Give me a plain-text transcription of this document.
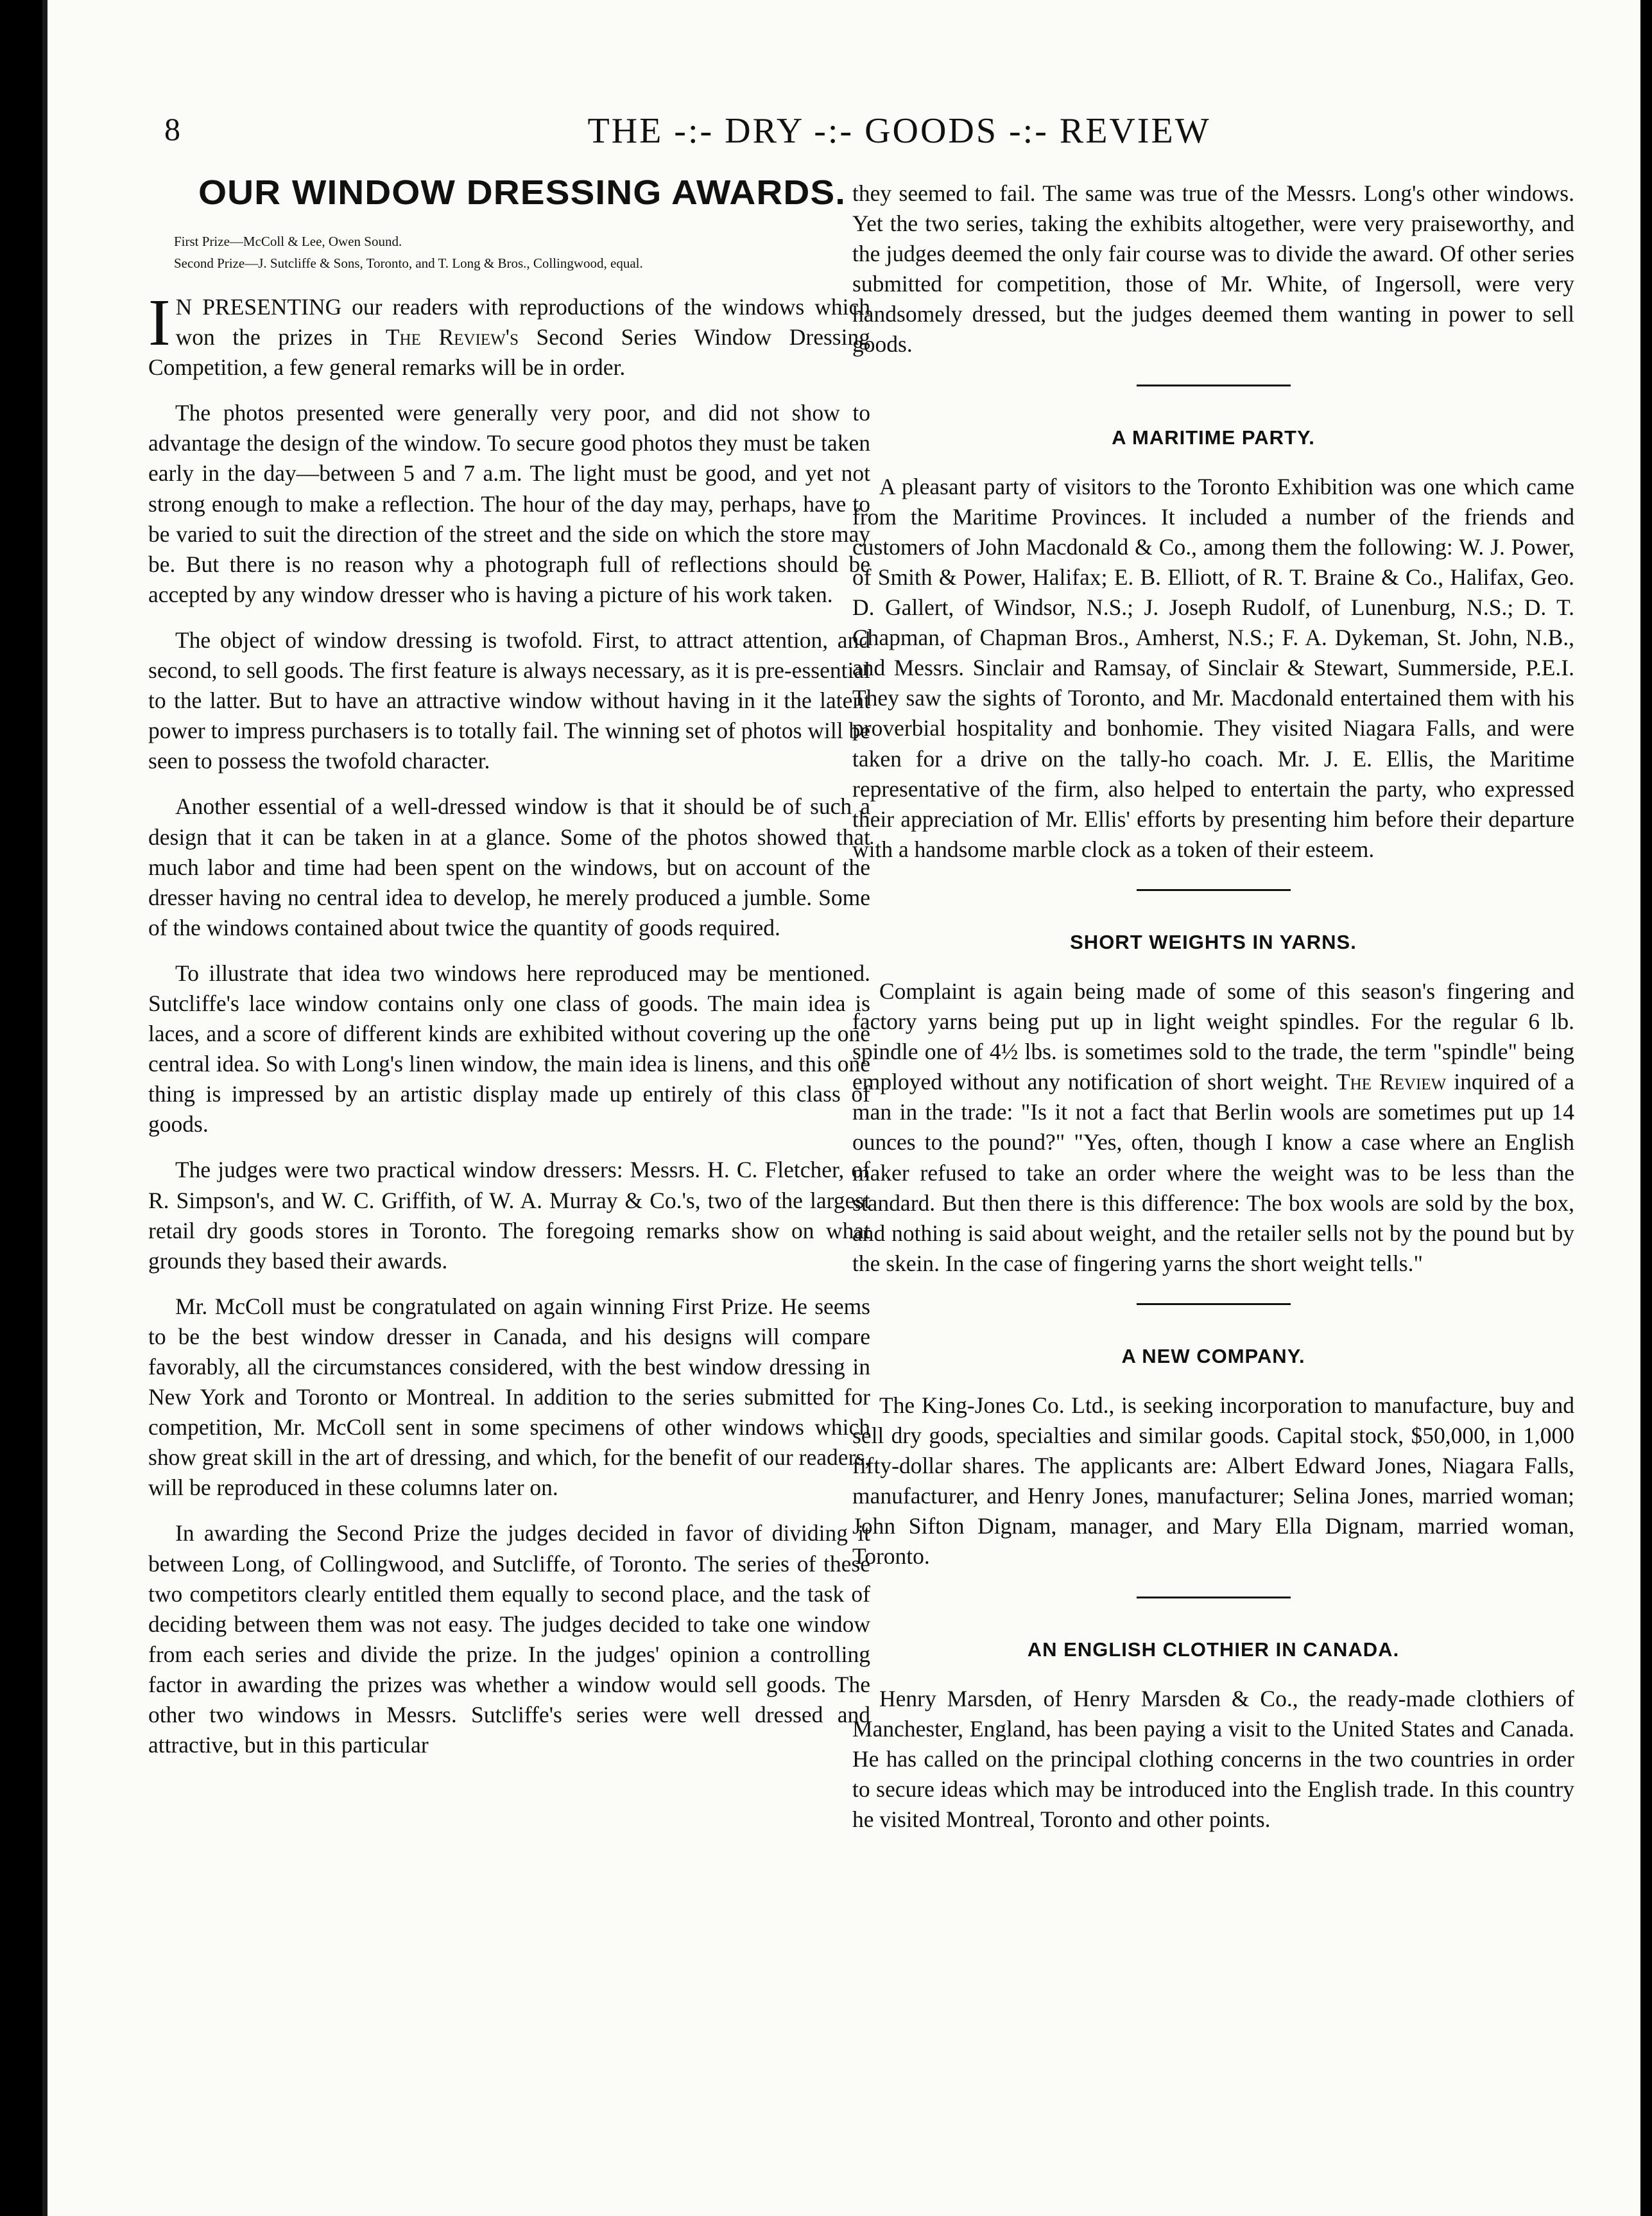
8	THE -:- DRY -:- GOODS -:- REVIEW
OUR WINDOW DRESSING AWARDS.
First Prize—McColl & Lee, Owen Sound.
Second Prize—J. Sutcliffe & Sons, Toronto, and T. Long & Bros., Collingwood, equal.

I N PRESENTING our readers with reproductions of the windows which won the prizes in The Review's Second Series Window Dressing Competition, a few general remarks will be in order.

The photos presented were generally very poor, and did not show to advantage the design of the window. To secure good photos they must be taken early in the day—between 5 and 7 a.m. The light must be good, and yet not strong enough to make a reflection. The hour of the day may, perhaps, have to be varied to suit the direction of the street and the side on which the store may be. But there is no reason why a photograph full of reflections should be accepted by any window dresser who is having a picture of his work taken.

The object of window dressing is twofold. First, to attract attention, and second, to sell goods. The first feature is always necessary, as it is pre-essential to the latter. But to have an attractive window without having in it the latent power to impress purchasers is to totally fail. The winning set of photos will be seen to possess the twofold character.

Another essential of a well-dressed window is that it should be of such a design that it can be taken in at a glance. Some of the photos showed that much labor and time had been spent on the windows, but on account of the dresser having no central idea to develop, he merely produced a jumble. Some of the windows contained about twice the quantity of goods required.

To illustrate that idea two windows here reproduced may be mentioned. Sutcliffe's lace window contains only one class of goods. The main idea is laces, and a score of different kinds are exhibited without covering up the one central idea. So with Long's linen window, the main idea is linens, and this one thing is impressed by an artistic display made up entirely of this class of goods.

The judges were two practical window dressers: Messrs. H. C. Fletcher, of R. Simpson's, and W. C. Griffith, of W. A. Murray & Co.'s, two of the largest retail dry goods stores in Toronto. The foregoing remarks show on what grounds they based their awards.

Mr. McColl must be congratulated on again winning First Prize. He seems to be the best window dresser in Canada, and his designs will compare favorably, all the circumstances considered, with the best window dressing in New York and Toronto or Montreal. In addition to the series submitted for competition, Mr. McColl sent in some specimens of other windows which show great skill in the art of dressing, and which, for the benefit of our readers, will be reproduced in these columns later on.

In awarding the Second Prize the judges decided in favor of dividing it between Long, of Collingwood, and Sutcliffe, of Toronto. The series of these two competitors clearly entitled them equally to second place, and the task of deciding between them was not easy. The judges decided to take one window from each series and divide the prize. In the judges' opinion a controlling factor in awarding the prizes was whether a window would sell goods. The other two windows in Messrs. Sutcliffe's series were well dressed and attractive, but in this particular

they seemed to fail. The same was true of the Messrs. Long's other windows. Yet the two series, taking the exhibits altogether, were very praiseworthy, and the judges deemed the only fair course was to divide the award. Of other series submitted for competition, those of Mr. White, of Ingersoll, were very handsomely dressed, but the judges deemed them wanting in power to sell goods.

A MARITIME PARTY.

A pleasant party of visitors to the Toronto Exhibition was one which came from the Maritime Provinces. It included a number of the friends and customers of John Macdonald & Co., among them the following: W. J. Power, of Smith & Power, Halifax; E. B. Elliott, of R. T. Braine & Co., Halifax, Geo. D. Gallert, of Windsor, N.S.; J. Joseph Rudolf, of Lunenburg, N.S.; D. T. Chapman, of Chapman Bros., Amherst, N.S.; F. A. Dykeman, St. John, N.B., and Messrs. Sinclair and Ramsay, of Sinclair & Stewart, Summerside, P.E.I. They saw the sights of Toronto, and Mr. Macdonald entertained them with his proverbial hospitality and bonhomie. They visited Niagara Falls, and were taken for a drive on the tally-ho coach. Mr. J. E. Ellis, the Maritime representative of the firm, also helped to entertain the party, who expressed their appreciation of Mr. Ellis' efforts by presenting him before their departure with a handsome marble clock as a token of their esteem.

SHORT WEIGHTS IN YARNS.

Complaint is again being made of some of this season's fingering and factory yarns being put up in light weight spindles. For the regular 6 lb. spindle one of 4½ lbs. is sometimes sold to the trade, the term "spindle" being employed without any notification of short weight. The Review inquired of a man in the trade: "Is it not a fact that Berlin wools are sometimes put up 14 ounces to the pound?" "Yes, often, though I know a case where an English maker refused to take an order where the weight was to be less than the standard. But then there is this difference: The box wools are sold by the box, and nothing is said about weight, and the retailer sells not by the pound but by the skein. In the case of fingering yarns the short weight tells."

A NEW COMPANY.

The King-Jones Co. Ltd., is seeking incorporation to manufacture, buy and sell dry goods, specialties and similar goods. Capital stock, $50,000, in 1,000 fifty-dollar shares. The applicants are: Albert Edward Jones, Niagara Falls, manufacturer, and Henry Jones, manufacturer; Selina Jones, married woman; John Sifton Dignam, manager, and Mary Ella Dignam, married woman, Toronto.

AN ENGLISH CLOTHIER IN CANADA.

Henry Marsden, of Henry Marsden & Co., the ready-made clothiers of Manchester, England, has been paying a visit to the United States and Canada. He has called on the principal clothing concerns in the two countries in order to secure ideas which may be introduced into the English trade. In this country he visited Montreal, Toronto and other points.
